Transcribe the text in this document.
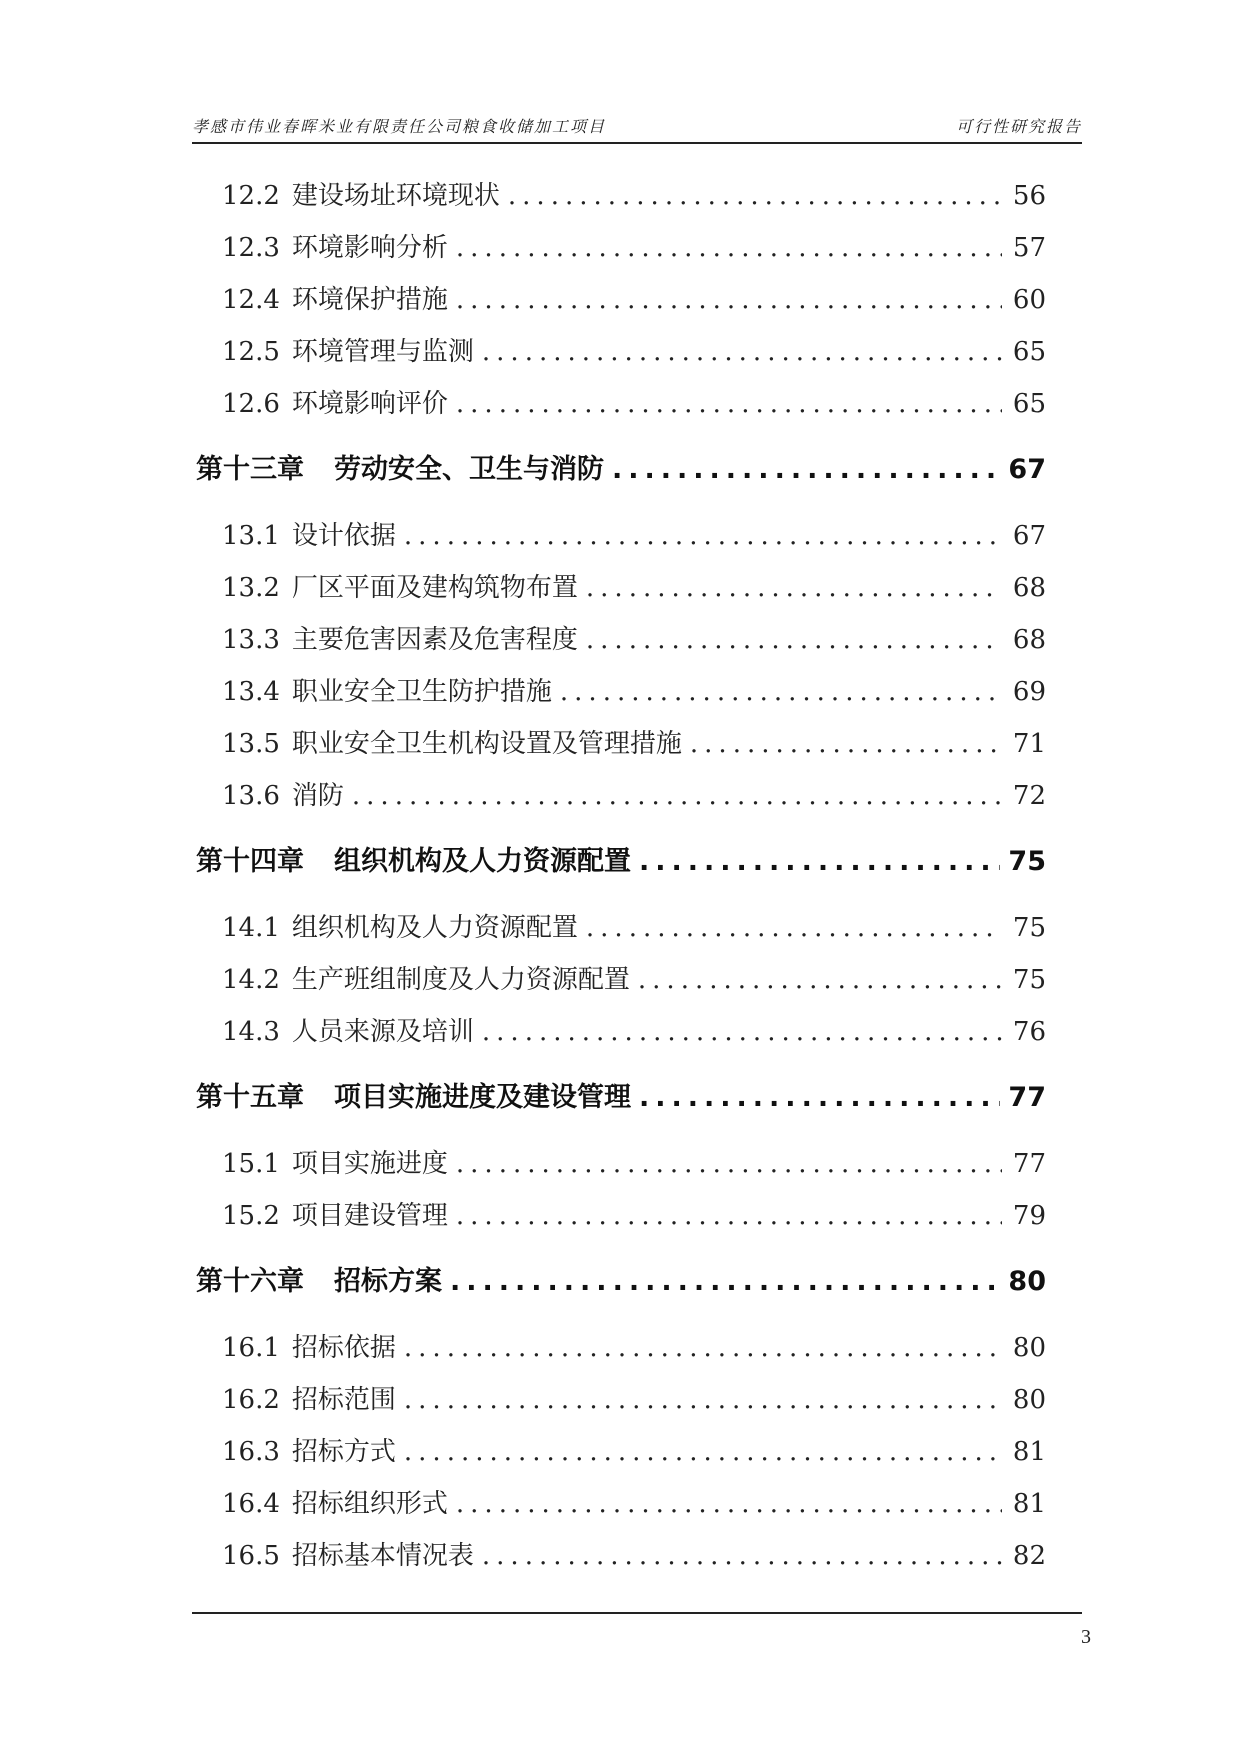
孝感市伟业春晖米业有限责任公司粮食收储加工项目	可行性研究报告
12.2 建设场址环境现状 .....	56
12.3 环境影响分析 .....	57
12.4 环境保护措施 .....	60
12.5 环境管理与监测 .....	65
12.6 环境影响评价 .....	65
第十三章 劳动安全、卫生与消防 .....	67
13.1 设计依据 .....	67
13.2 厂区平面及建构筑物布置 .....	68
13.3 主要危害因素及危害程度 .....	68
13.4 职业安全卫生防护措施 .....	69
13.5 职业安全卫生机构设置及管理措施 .....	71
13.6 消防 .....	72
第十四章 组织机构及人力资源配置 .....	75
14.1 组织机构及人力资源配置 .....	75
14.2 生产班组制度及人力资源配置 .....	75
14.3 人员来源及培训 .....	76
第十五章 项目实施进度及建设管理 .....	77
15.1 项目实施进度 .....	77
15.2 项目建设管理 .....	79
第十六章 招标方案 .....	80
16.1 招标依据 .....	80
16.2 招标范围 .....	80
16.3 招标方式 .....	81
16.4 招标组织形式 .....	81
16.5 招标基本情况表 .....	82
3
